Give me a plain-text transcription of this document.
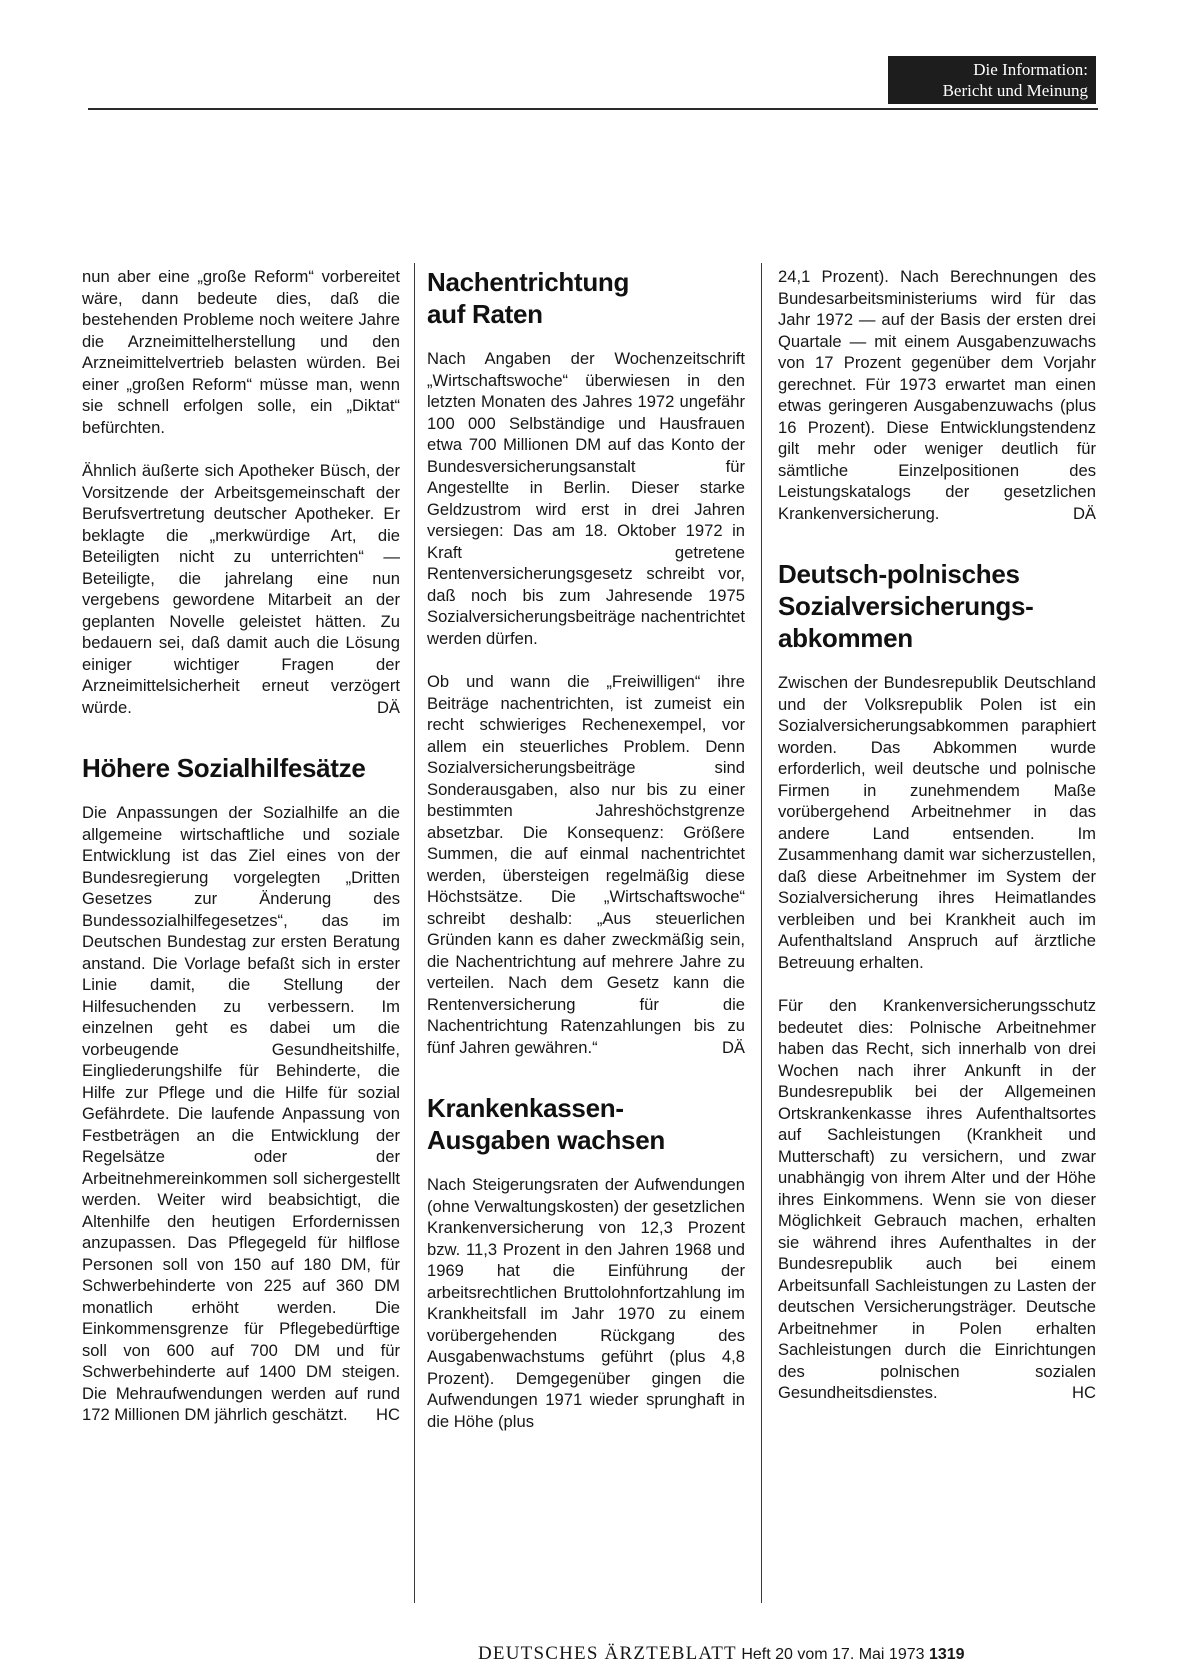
Die Information:
Bericht und Meinung

nun aber eine „große Reform“ vorbereitet wäre, dann bedeute dies, daß die bestehenden Probleme noch weitere Jahre die Arzneimittelherstellung und den Arzneimittelvertrieb belasten würden. Bei einer „großen Reform“ müsse man, wenn sie schnell erfolgen solle, ein „Diktat“ befürchten.

Ähnlich äußerte sich Apotheker Büsch, der Vorsitzende der Arbeitsgemeinschaft der Berufsvertretung deutscher Apotheker. Er beklagte die „merkwürdige Art, die Beteiligten nicht zu unterrichten“ — Beteiligte, die jahrelang eine nun vergebens gewordene Mitarbeit an der geplanten Novelle geleistet hätten. Zu bedauern sei, daß damit auch die Lösung einiger wichtiger Fragen der Arzneimittelsicherheit erneut verzögert würde.	DÄ

Höhere Sozialhilfesätze

Die Anpassungen der Sozialhilfe an die allgemeine wirtschaftliche und soziale Entwicklung ist das Ziel eines von der Bundesregierung vorgelegten „Dritten Gesetzes zur Änderung des Bundessozialhilfegesetzes“, das im Deutschen Bundestag zur ersten Beratung anstand. Die Vorlage befaßt sich in erster Linie damit, die Stellung der Hilfesuchenden zu verbessern. Im einzelnen geht es dabei um die vorbeugende Gesundheitshilfe, Eingliederungshilfe für Behinderte, die Hilfe zur Pflege und die Hilfe für sozial Gefährdete. Die laufende Anpassung von Festbeträgen an die Entwicklung der Regelsätze oder der Arbeitnehmereinkommen soll sichergestellt werden. Weiter wird beabsichtigt, die Altenhilfe den heutigen Erfordernissen anzupassen. Das Pflegegeld für hilflose Personen soll von 150 auf 180 DM, für Schwerbehinderte von 225 auf 360 DM monatlich erhöht werden. Die Einkommensgrenze für Pflegebedürftige soll von 600 auf 700 DM und für Schwerbehinderte auf 1400 DM steigen. Die Mehraufwendungen werden auf rund 172 Millionen DM jährlich geschätzt. HC

Nachentrichtung auf Raten

Nach Angaben der Wochenzeitschrift „Wirtschaftswoche“ überwiesen in den letzten Monaten des Jahres 1972 ungefähr 100 000 Selbständige und Hausfrauen etwa 700 Millionen DM auf das Konto der Bundesversicherungsanstalt für Angestellte in Berlin. Dieser starke Geldzustrom wird erst in drei Jahren versiegen: Das am 18. Oktober 1972 in Kraft getretene Rentenversicherungsgesetz schreibt vor, daß noch bis zum Jahresende 1975 Sozialversicherungsbeiträge nachentrichtet werden dürfen.

Ob und wann die „Freiwilligen“ ihre Beiträge nachentrichten, ist zumeist ein recht schwieriges Rechenexempel, vor allem ein steuerliches Problem. Denn Sozialversicherungsbeiträge sind Sonderausgaben, also nur bis zu einer bestimmten Jahreshöchstgrenze absetzbar. Die Konsequenz: Größere Summen, die auf einmal nachentrichtet werden, übersteigen regelmäßig diese Höchstsätze. Die „Wirtschaftswoche“ schreibt deshalb: „Aus steuerlichen Gründen kann es daher zweckmäßig sein, die Nachentrichtung auf mehrere Jahre zu verteilen. Nach dem Gesetz kann die Rentenversicherung für die Nachentrichtung Ratenzahlungen bis zu fünf Jahren gewähren.“	DÄ

Krankenkassen-Ausgaben wachsen

Nach Steigerungsraten der Aufwendungen (ohne Verwaltungskosten) der gesetzlichen Krankenversicherung von 12,3 Prozent bzw. 11,3 Prozent in den Jahren 1968 und 1969 hat die Einführung der arbeitsrechtlichen Bruttolohnfortzahlung im Krankheitsfall im Jahr 1970 zu einem vorübergehenden Rückgang des Ausgabenwachstums geführt (plus 4,8 Prozent). Demgegenüber gingen die Aufwendungen 1971 wieder sprunghaft in die Höhe (plus

24,1 Prozent). Nach Berechnungen des Bundesarbeitsministeriums wird für das Jahr 1972 — auf der Basis der ersten drei Quartale — mit einem Ausgabenzuwachs von 17 Prozent gegenüber dem Vorjahr gerechnet. Für 1973 erwartet man einen etwas geringeren Ausgabenzuwachs (plus 16 Prozent). Diese Entwicklungstendenz gilt mehr oder weniger deutlich für sämtliche Einzelpositionen des Leistungskatalogs der gesetzlichen Krankenversicherung.	DÄ

Deutsch-polnisches Sozialversicherungs-abkommen

Zwischen der Bundesrepublik Deutschland und der Volksrepublik Polen ist ein Sozialversicherungsabkommen paraphiert worden. Das Abkommen wurde erforderlich, weil deutsche und polnische Firmen in zunehmendem Maße vorübergehend Arbeitnehmer in das andere Land entsenden. Im Zusammenhang damit war sicherzustellen, daß diese Arbeitnehmer im System der Sozialversicherung ihres Heimatlandes verbleiben und bei Krankheit auch im Aufenthaltsland Anspruch auf ärztliche Betreuung erhalten.

Für den Krankenversicherungsschutz bedeutet dies: Polnische Arbeitnehmer haben das Recht, sich innerhalb von drei Wochen nach ihrer Ankunft in der Bundesrepublik bei der Allgemeinen Ortskrankenkasse ihres Aufenthaltsortes auf Sachleistungen (Krankheit und Mutterschaft) zu versichern, und zwar unabhängig von ihrem Alter und der Höhe ihres Einkommens. Wenn sie von dieser Möglichkeit Gebrauch machen, erhalten sie während ihres Aufenthaltes in der Bundesrepublik auch bei einem Arbeitsunfall Sachleistungen zu Lasten der deutschen Versicherungsträger. Deutsche Arbeitnehmer in Polen erhalten Sachleistungen durch die Einrichtungen des polnischen sozialen Gesundheitsdienstes.	HC

DEUTSCHES ÄRZTEBLATT Heft 20 vom 17. Mai 1973 1319
